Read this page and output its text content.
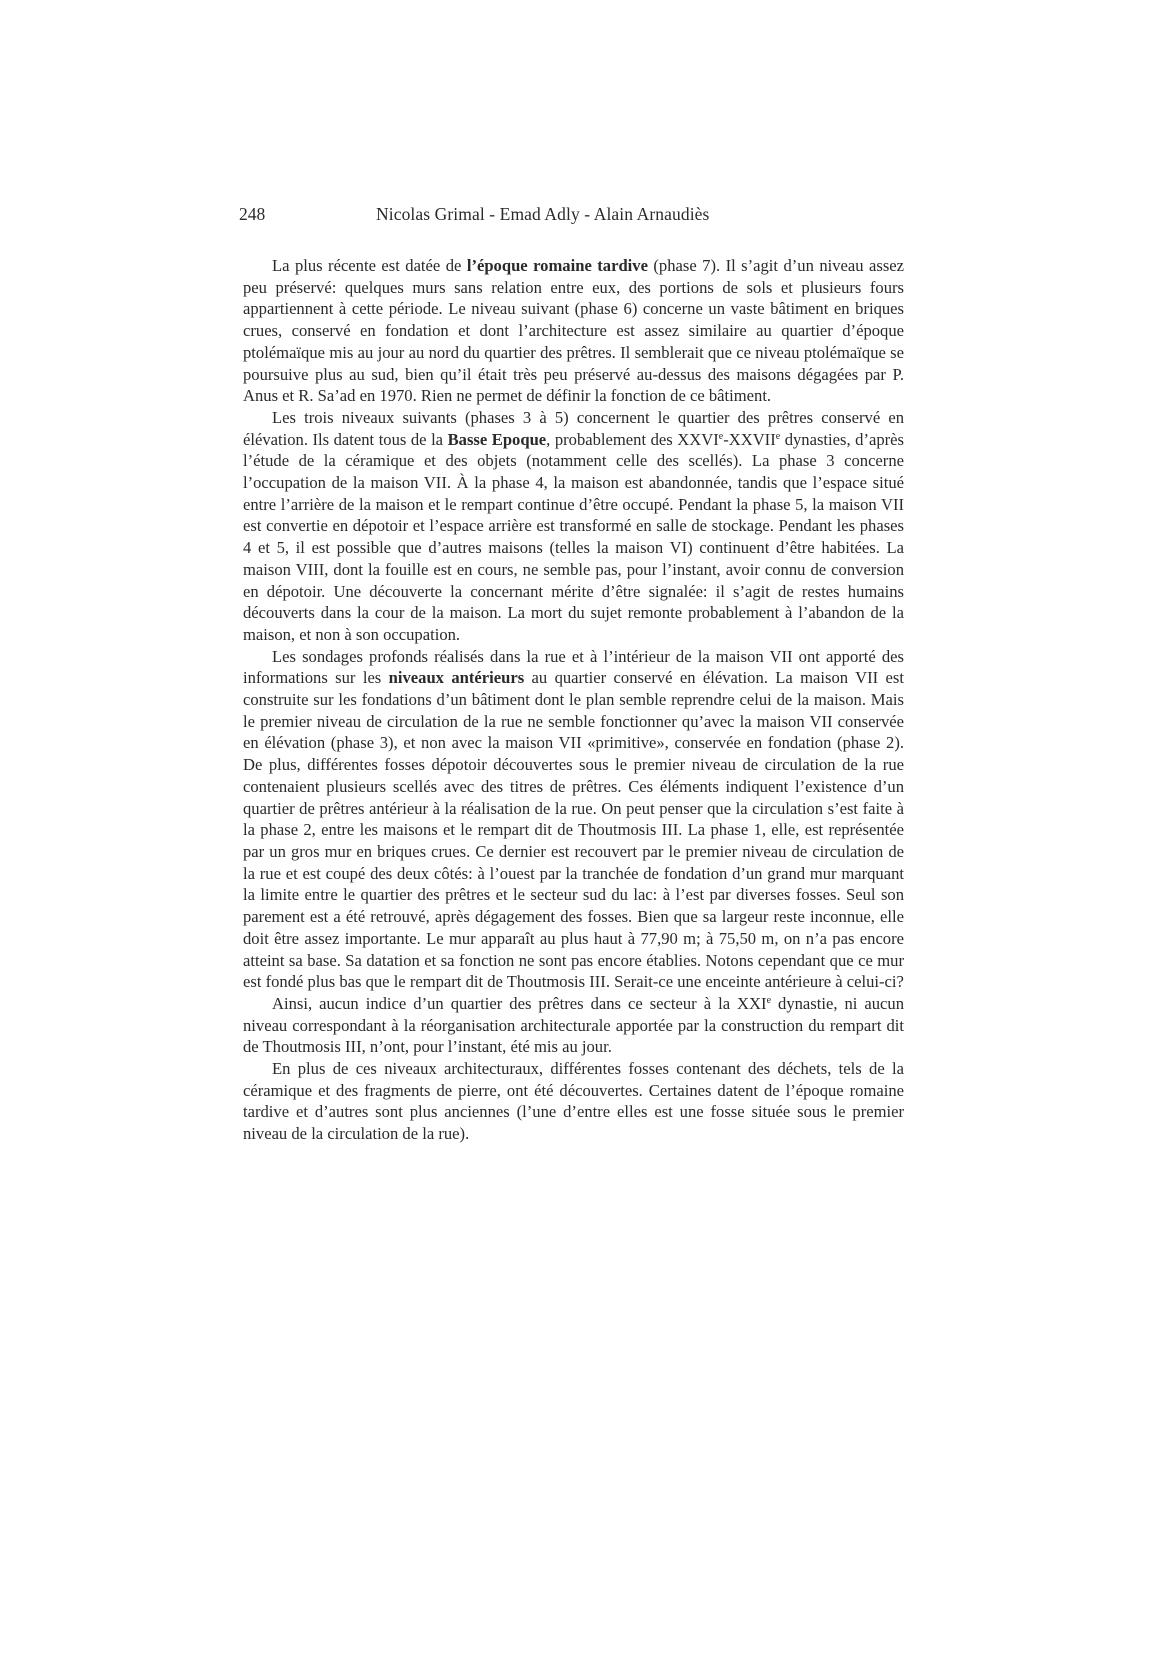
248	Nicolas Grimal - Emad Adly - Alain Arnaudiès

La plus récente est datée de l’époque romaine tardive (phase 7). Il s’agit d’un niveau assez peu préservé: quelques murs sans relation entre eux, des portions de sols et plusieurs fours appartiennent à cette période. Le niveau suivant (phase 6) concerne un vaste bâtiment en briques crues, conservé en fondation et dont l’architecture est assez similaire au quartier d’époque ptolémaïque mis au jour au nord du quartier des prêtres. Il semblerait que ce niveau ptolémaïque se poursuive plus au sud, bien qu’il était très peu préservé au-dessus des maisons dégagées par P. Anus et R. Sa’ad en 1970. Rien ne permet de définir la fonction de ce bâtiment.

Les trois niveaux suivants (phases 3 à 5) concernent le quartier des prêtres conservé en élévation. Ils datent tous de la Basse Epoque, probablement des XXVIe-XXVIIe dynasties, d’après l’étude de la céramique et des objets (notamment celle des scellés). La phase 3 concerne l’occupation de la maison VII. À la phase 4, la maison est abandonnée, tandis que l’espace situé entre l’arrière de la maison et le rempart continue d’être occupé. Pendant la phase 5, la maison VII est convertie en dépotoir et l’espace arrière est transformé en salle de stockage. Pendant les phases 4 et 5, il est possible que d’autres maisons (telles la maison VI) continuent d’être habitées. La maison VIII, dont la fouille est en cours, ne semble pas, pour l’instant, avoir connu de conversion en dépotoir. Une découverte la concernant mérite d’être signalée: il s’agit de restes humains découverts dans la cour de la maison. La mort du sujet remonte probablement à l’abandon de la maison, et non à son occupation.

Les sondages profonds réalisés dans la rue et à l’intérieur de la maison VII ont apporté des informations sur les niveaux antérieurs au quartier conservé en élévation. La maison VII est construite sur les fondations d’un bâtiment dont le plan semble reprendre celui de la maison. Mais le premier niveau de circulation de la rue ne semble fonctionner qu’avec la maison VII conservée en élévation (phase 3), et non avec la maison VII «primitive», conservée en fondation (phase 2). De plus, différentes fosses dépotoir découvertes sous le premier niveau de circulation de la rue contenaient plusieurs scellés avec des titres de prêtres. Ces éléments indiquent l’existence d’un quartier de prêtres antérieur à la réalisation de la rue. On peut penser que la circulation s’est faite à la phase 2, entre les maisons et le rempart dit de Thoutmosis III. La phase 1, elle, est représentée par un gros mur en briques crues. Ce dernier est recouvert par le premier niveau de circulation de la rue et est coupé des deux côtés: à l’ouest par la tranchée de fondation d’un grand mur marquant la limite entre le quartier des prêtres et le secteur sud du lac: à l’est par diverses fosses. Seul son parement est a été retrouvé, après dégagement des fosses. Bien que sa largeur reste inconnue, elle doit être assez importante. Le mur apparaît au plus haut à 77,90 m; à 75,50 m, on n’a pas encore atteint sa base. Sa datation et sa fonction ne sont pas encore établies. Notons cependant que ce mur est fondé plus bas que le rempart dit de Thoutmosis III. Serait-ce une enceinte antérieure à celui-ci?

Ainsi, aucun indice d’un quartier des prêtres dans ce secteur à la XXIe dynastie, ni aucun niveau correspondant à la réorganisation architecturale apportée par la construction du rempart dit de Thoutmosis III, n’ont, pour l’instant, été mis au jour.

En plus de ces niveaux architecturaux, différentes fosses contenant des déchets, tels de la céramique et des fragments de pierre, ont été découvertes. Certaines datent de l’époque romaine tardive et d’autres sont plus anciennes (l’une d’entre elles est une fosse située sous le premier niveau de la circulation de la rue).
